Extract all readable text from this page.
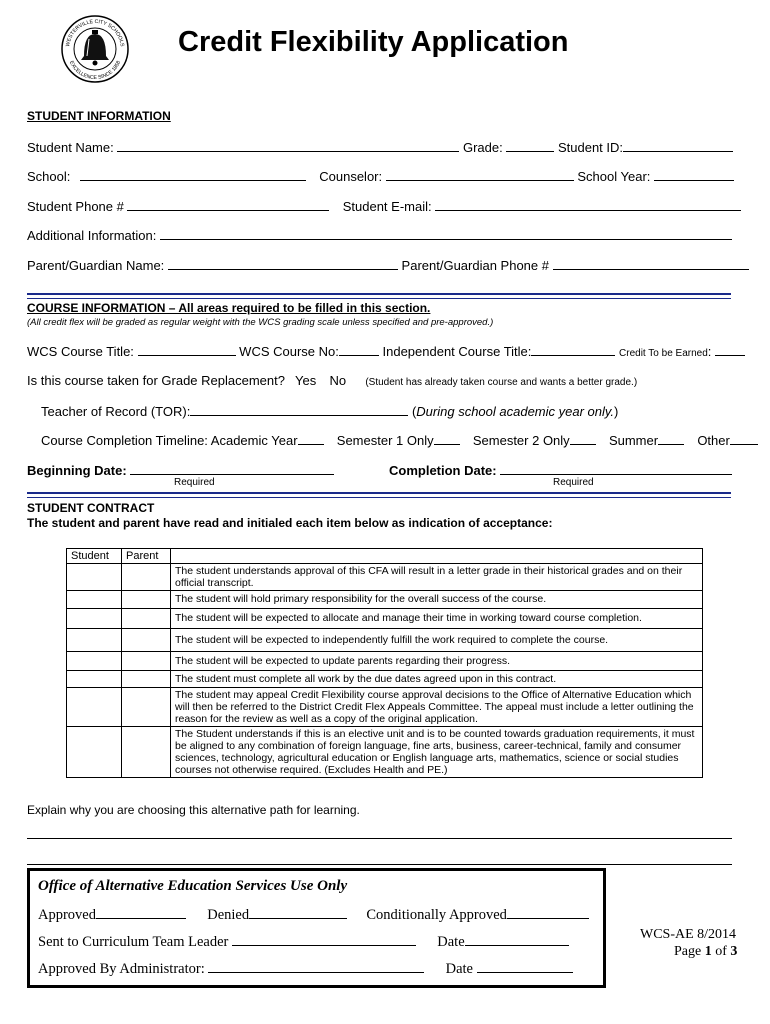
WESTERVILLE CITY SCHOOLS
EXCELLENCE SINCE 1858
Credit Flexibility Application
STUDENT INFORMATION
Student Name:	Grade:	Student ID:
School:	Counselor:	School Year:
Student Phone #	Student E-mail:
Additional Information:
Parent/Guardian Name:	Parent/Guardian Phone #
COURSE INFORMATION – All areas required to be filled in this section.
(All credit flex will be graded as regular weight with the WCS grading scale unless specified and pre-approved.)
WCS Course Title:	WCS Course No:	Independent Course Title:	Credit To be Earned:
Is this course taken for Grade Replacement? Yes No (Student has already taken course and wants a better grade.)
Teacher of Record (TOR):	(During school academic year only.)
Course Completion Timeline: Academic Year	Semester 1 Only	Semester 2 Only	Summer	Other
Beginning Date:	Completion Date:
Required	Required
STUDENT CONTRACT
The student and parent have read and initialed each item below as indication of acceptance:
Student	Parent	
		The student understands approval of this CFA will result in a letter grade in their historical grades and on their official transcript.
		The student will hold primary responsibility for the overall success of the course.
		The student will be expected to allocate and manage their time in working toward course completion.
		The student will be expected to independently fulfill the work required to complete the course.
		The student will be expected to update parents regarding their progress.
		The student must complete all work by the due dates agreed upon in this contract.
		The student may appeal Credit Flexibility course approval decisions to the Office of Alternative Education which will then be referred to the District Credit Flex Appeals Committee. The appeal must include a letter outlining the reason for the review as well as a copy of the original application.
		The Student understands if this is an elective unit and is to be counted towards graduation requirements, it must be aligned to any combination of foreign language, fine arts, business, career-technical, family and consumer sciences, technology, agricultural education or English language arts, mathematics, science or social studies courses not otherwise required. (Excludes Health and PE.)
Explain why you are choosing this alternative path for learning.
Office of Alternative Education Services Use Only
Approved	Denied	Conditionally Approved
Sent to Curriculum Team Leader	Date
Approved By Administrator:	Date
WCS-AE 8/2014
Page 1 of 3
